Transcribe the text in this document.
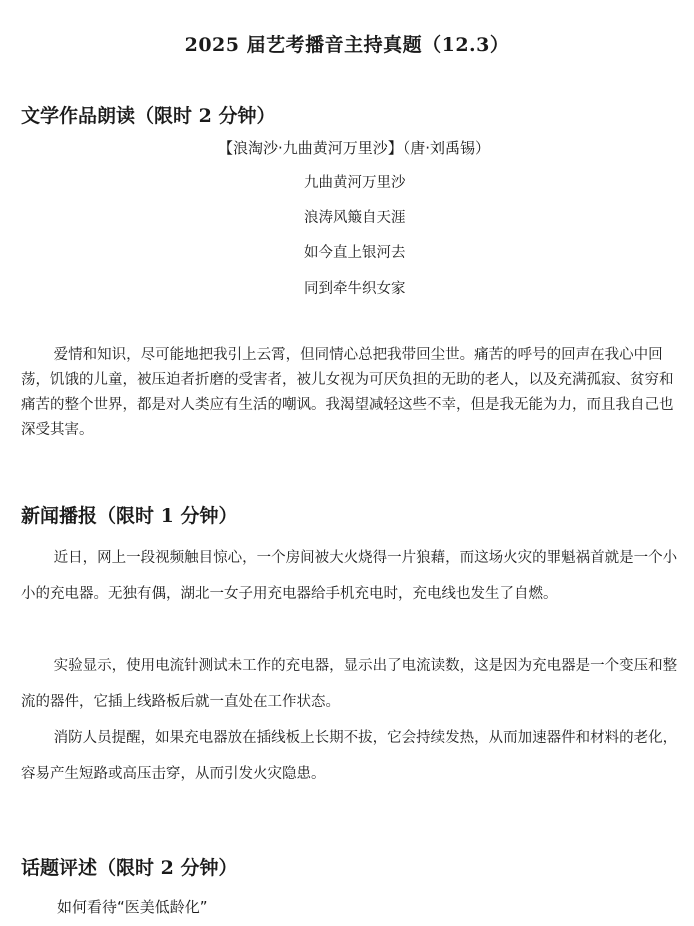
2025 届艺考播音主持真题（12.3）
文学作品朗读（限时 2 分钟）
【浪淘沙·九曲黄河万里沙】（唐·刘禹锡）
九曲黄河万里沙
浪涛风簸自天涯
如今直上银河去
同到牵牛织女家
爱情和知识，尽可能地把我引上云霄，但同情心总把我带回尘世。痛苦的呼号的回声在我心中回荡，饥饿的儿童，被压迫者折磨的受害者，被儿女视为可厌负担的无助的老人，以及充满孤寂、贫穷和痛苦的整个世界，都是对人类应有生活的嘲讽。我渴望减轻这些不幸，但是我无能为力，而且我自己也深受其害。
新闻播报（限时 1 分钟）
近日，网上一段视频触目惊心，一个房间被大火烧得一片狼藉，而这场火灾的罪魁祸首就是一个小小的充电器。无独有偶，湖北一女子用充电器给手机充电时，充电线也发生了自燃。
实验显示，使用电流针测试未工作的充电器，显示出了电流读数，这是因为充电器是一个变压和整流的器件，它插上线路板后就一直处在工作状态。
消防人员提醒，如果充电器放在插线板上长期不拔，它会持续发热，从而加速器件和材料的老化，容易产生短路或高压击穿，从而引发火灾隐患。
话题评述（限时 2 分钟）
如何看待“医美低龄化”
